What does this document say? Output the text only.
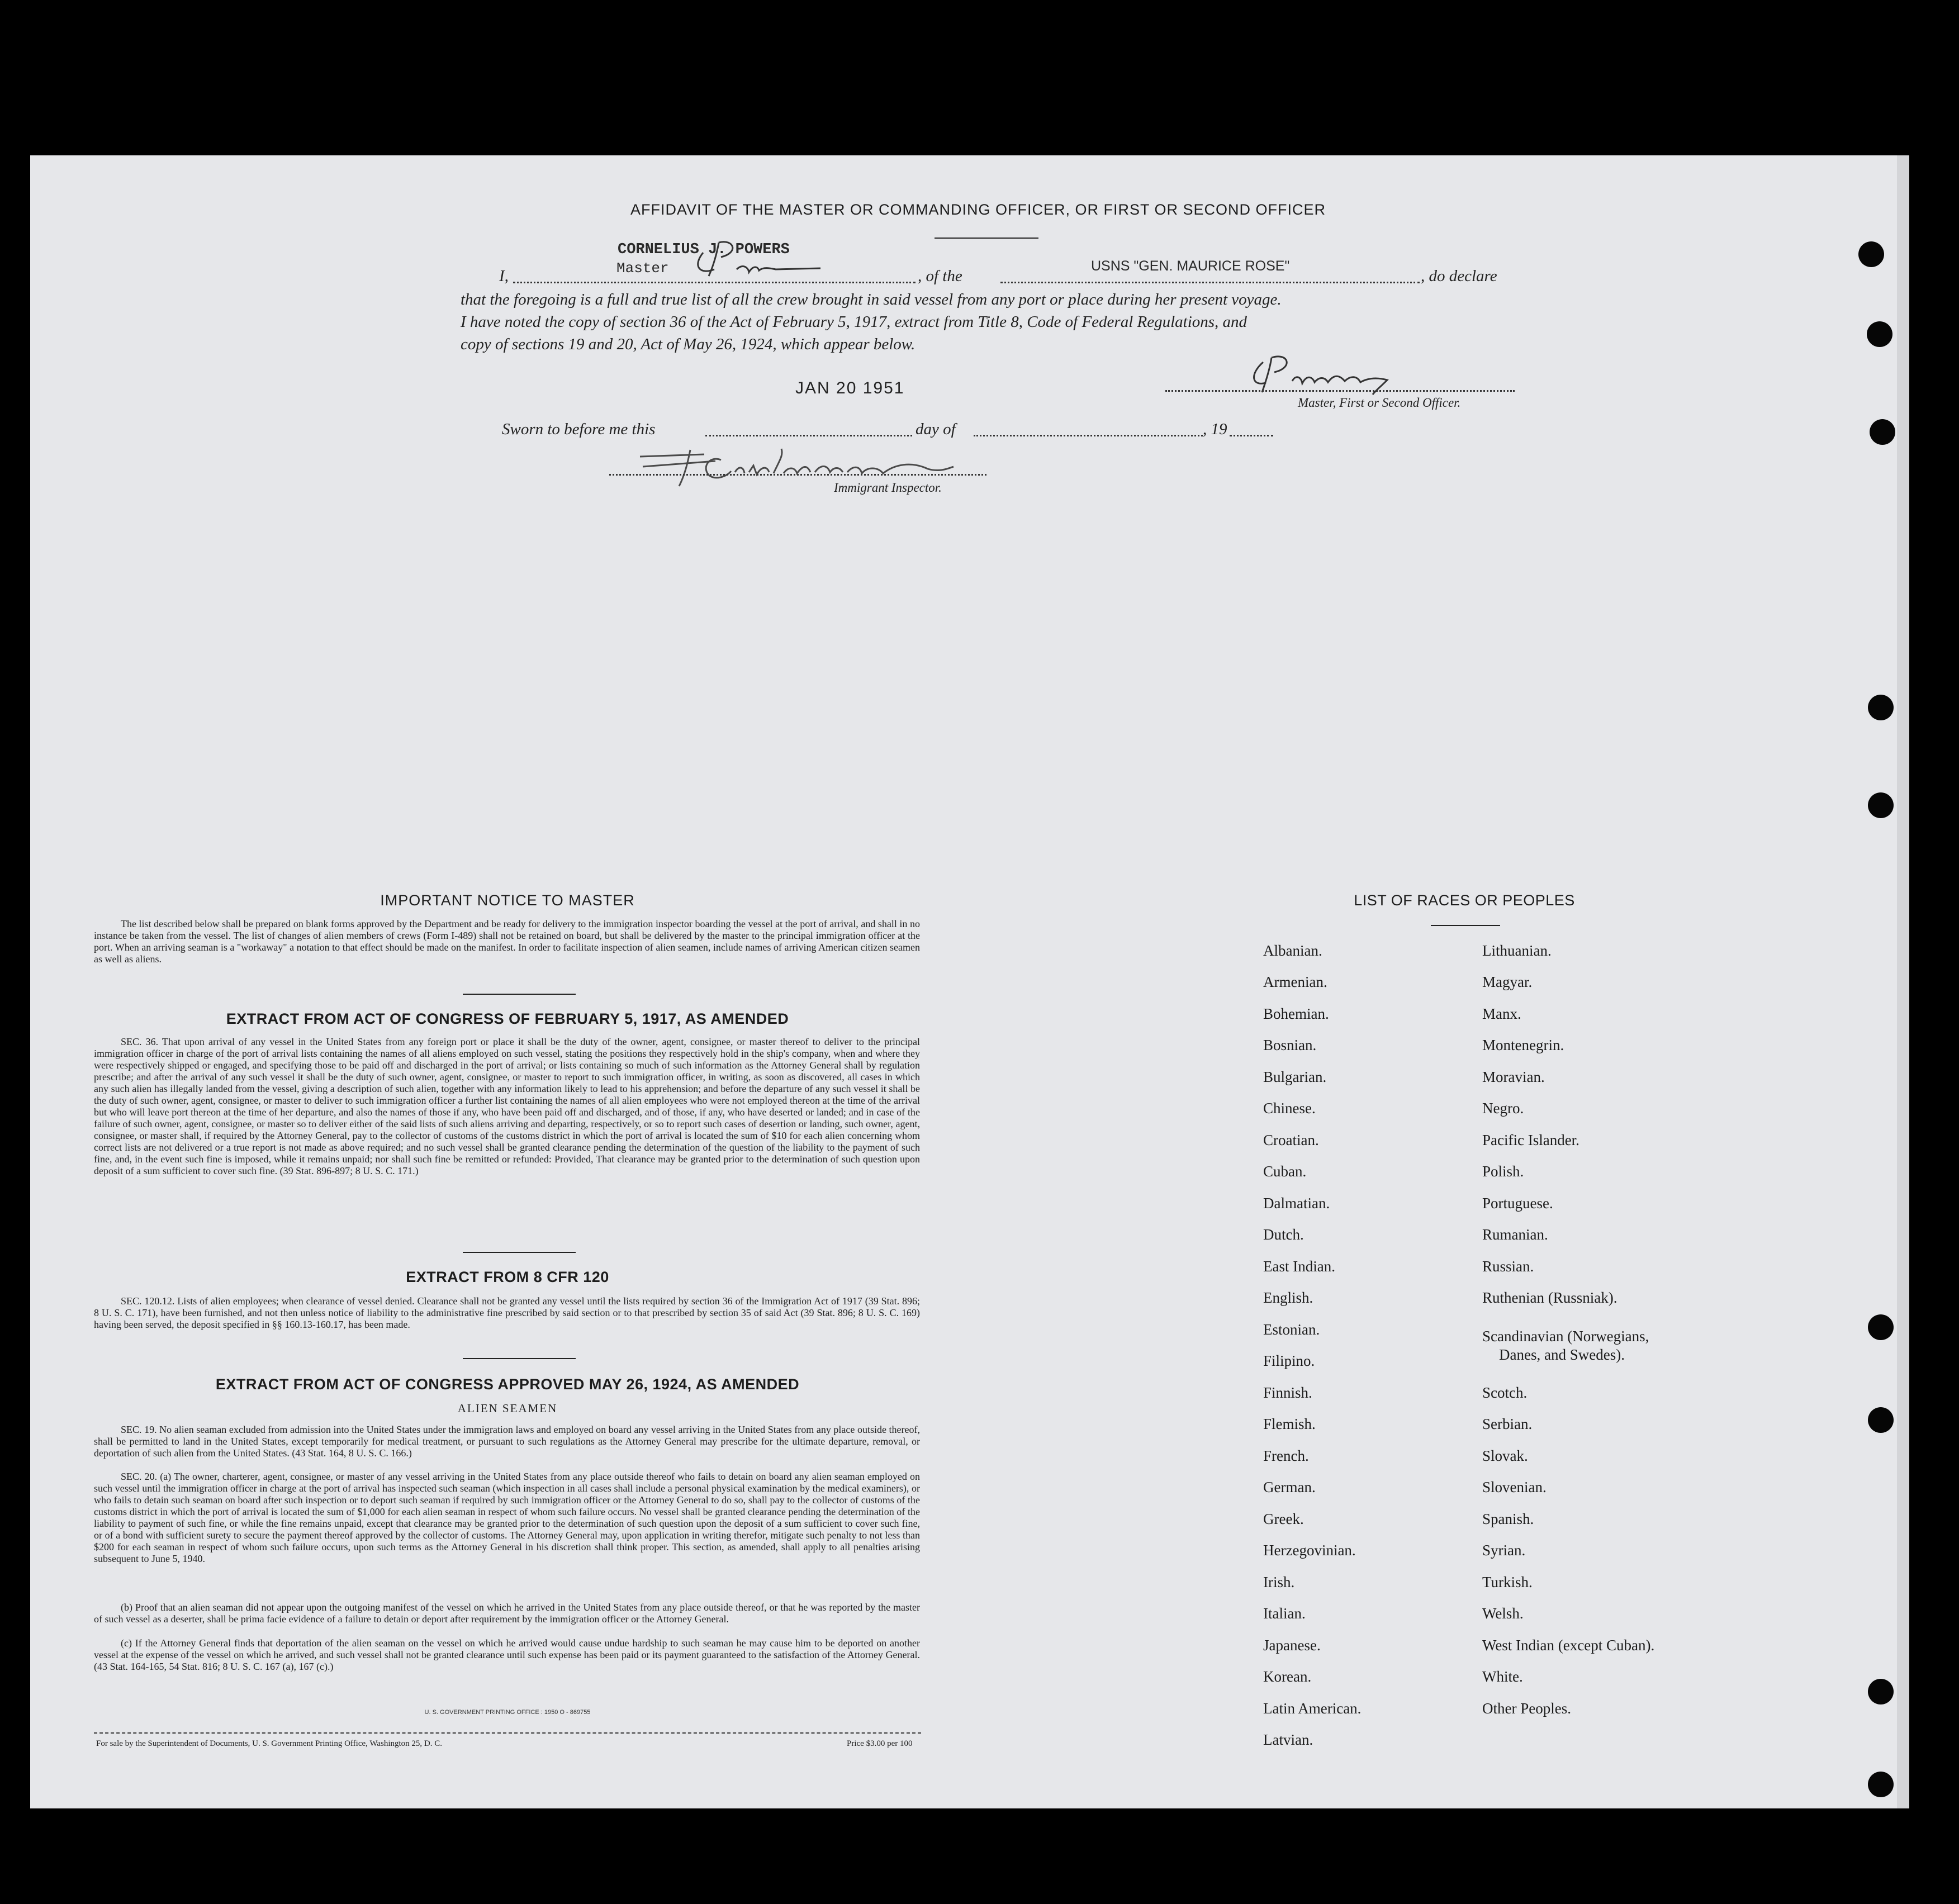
AFFIDAVIT OF THE MASTER OR COMMANDING OFFICER, OR FIRST OR SECOND OFFICER
CORNELIUS J. POWERS
Master
I,	, of the
USNS "GEN. MAURICE ROSE"
, do declare
that the foregoing is a full and true list of all the crew brought in said vessel from any port or place during her present voyage.
I have noted the copy of section 36 of the Act of February 5, 1917, extract from Title 8, Code of Federal Regulations, and
copy of sections 19 and 20, Act of May 26, 1924, which appear below.
JAN 20 1951
Master, First or Second Officer.
Sworn to before me this	day of	, 19
Immigrant Inspector.
IMPORTANT NOTICE TO MASTER
The list described below shall be prepared on blank forms approved by the Department and be ready for delivery to the immigration inspector boarding the vessel at the port of arrival, and shall in no instance be taken from the vessel. The list of changes of alien members of crews (Form I-489) shall not be retained on board, but shall be delivered by the master to the principal immigration officer at the port. When an arriving seaman is a "workaway" a notation to that effect should be made on the manifest. In order to facilitate inspection of alien seamen, include names of arriving American citizen seamen as well as aliens.
EXTRACT FROM ACT OF CONGRESS OF FEBRUARY 5, 1917, AS AMENDED
SEC. 36. That upon arrival of any vessel in the United States from any foreign port or place it shall be the duty of the owner, agent, consignee, or master thereof to deliver to the principal immigration officer in charge of the port of arrival lists containing the names of all aliens employed on such vessel, stating the positions they respectively hold in the ship's company, when and where they were respectively shipped or engaged, and specifying those to be paid off and discharged in the port of arrival; or lists containing so much of such information as the Attorney General shall by regulation prescribe; and after the arrival of any such vessel it shall be the duty of such owner, agent, consignee, or master to report to such immigration officer, in writing, as soon as discovered, all cases in which any such alien has illegally landed from the vessel, giving a description of such alien, together with any information likely to lead to his apprehension; and before the departure of any such vessel it shall be the duty of such owner, agent, consignee, or master to deliver to such immigration officer a further list containing the names of all alien employees who were not employed thereon at the time of the arrival but who will leave port thereon at the time of her departure, and also the names of those if any, who have been paid off and discharged, and of those, if any, who have deserted or landed; and in case of the failure of such owner, agent, consignee, or master so to deliver either of the said lists of such aliens arriving and departing, respectively, or so to report such cases of desertion or landing, such owner, agent, consignee, or master shall, if required by the Attorney General, pay to the collector of customs of the customs district in which the port of arrival is located the sum of $10 for each alien concerning whom correct lists are not delivered or a true report is not made as above required; and no such vessel shall be granted clearance pending the determination of the question of the liability to the payment of such fine, and, in the event such fine is imposed, while it remains unpaid; nor shall such fine be remitted or refunded: Provided, That clearance may be granted prior to the determination of such question upon deposit of a sum sufficient to cover such fine. (39 Stat. 896-897; 8 U. S. C. 171.)
EXTRACT FROM 8 CFR 120
SEC. 120.12. Lists of alien employees; when clearance of vessel denied. Clearance shall not be granted any vessel until the lists required by section 36 of the Immigration Act of 1917 (39 Stat. 896; 8 U. S. C. 171), have been furnished, and not then unless notice of liability to the administrative fine prescribed by said section or to that prescribed by section 35 of said Act (39 Stat. 896; 8 U. S. C. 169) having been served, the deposit specified in §§ 160.13-160.17, has been made.
EXTRACT FROM ACT OF CONGRESS APPROVED MAY 26, 1924, AS AMENDED
ALIEN SEAMEN
SEC. 19. No alien seaman excluded from admission into the United States under the immigration laws and employed on board any vessel arriving in the United States from any place outside thereof, shall be permitted to land in the United States, except temporarily for medical treatment, or pursuant to such regulations as the Attorney General may prescribe for the ultimate departure, removal, or deportation of such alien from the United States. (43 Stat. 164, 8 U. S. C. 166.)
SEC. 20. (a) The owner, charterer, agent, consignee, or master of any vessel arriving in the United States from any place outside thereof who fails to detain on board any alien seaman employed on such vessel until the immigration officer in charge at the port of arrival has inspected such seaman (which inspection in all cases shall include a personal physical examination by the medical examiners), or who fails to detain such seaman on board after such inspection or to deport such seaman if required by such immigration officer or the Attorney General to do so, shall pay to the collector of customs of the customs district in which the port of arrival is located the sum of $1,000 for each alien seaman in respect of whom such failure occurs. No vessel shall be granted clearance pending the determination of the liability to payment of such fine, or while the fine remains unpaid, except that clearance may be granted prior to the determination of such question upon the deposit of a sum sufficient to cover such fine, or of a bond with sufficient surety to secure the payment thereof approved by the collector of customs. The Attorney General may, upon application in writing therefor, mitigate such penalty to not less than $200 for each seaman in respect of whom such failure occurs, upon such terms as the Attorney General in his discretion shall think proper. This section, as amended, shall apply to all penalties arising subsequent to June 5, 1940.
(b) Proof that an alien seaman did not appear upon the outgoing manifest of the vessel on which he arrived in the United States from any place outside thereof, or that he was reported by the master of such vessel as a deserter, shall be prima facie evidence of a failure to detain or deport after requirement by the immigration officer or the Attorney General.
(c) If the Attorney General finds that deportation of the alien seaman on the vessel on which he arrived would cause undue hardship to such seaman he may cause him to be deported on another vessel at the expense of the vessel on which he arrived, and such vessel shall not be granted clearance until such expense has been paid or its payment guaranteed to the satisfaction of the Attorney General. (43 Stat. 164-165, 54 Stat. 816; 8 U. S. C. 167 (a), 167 (c).)
U. S. GOVERNMENT PRINTING OFFICE : 1950 O - 869755
For sale by the Superintendent of Documents, U. S. Government Printing Office, Washington 25, D. C.	Price $3.00 per 100
LIST OF RACES OR PEOPLES
Albanian.
Armenian.
Bohemian.
Bosnian.
Bulgarian.
Chinese.
Croatian.
Cuban.
Dalmatian.
Dutch.
East Indian.
English.
Estonian.
Filipino.
Finnish.
Flemish.
French.
German.
Greek.
Herzegovinian.
Irish.
Italian.
Japanese.
Korean.
Latin American.
Latvian.
Lithuanian.
Magyar.
Manx.
Montenegrin.
Moravian.
Negro.
Pacific Islander.
Polish.
Portuguese.
Rumanian.
Russian.
Ruthenian (Russniak).
Scandinavian (Norwegians,
Danes, and Swedes).
Scotch.
Serbian.
Slovak.
Slovenian.
Spanish.
Syrian.
Turkish.
Welsh.
West Indian (except Cuban).
White.
Other Peoples.
